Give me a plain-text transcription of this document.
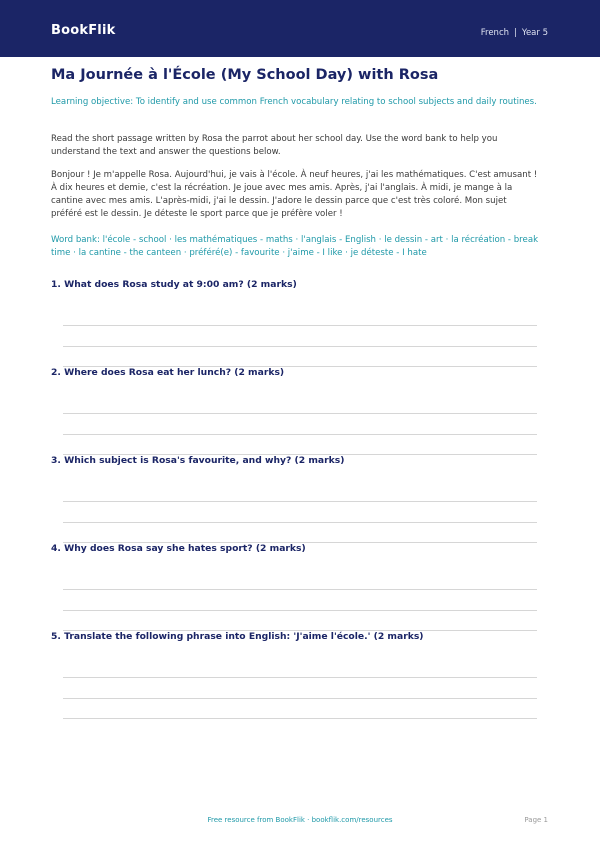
BookFlik	French | Year 5
Ma Journée à l'École (My School Day) with Rosa

Learning objective: To identify and use common French vocabulary relating to school subjects and daily routines.

Read the short passage written by Rosa the parrot about her school day. Use the word bank to help you understand the text and answer the questions below.

Bonjour ! Je m'appelle Rosa. Aujourd'hui, je vais à l'école. À neuf heures, j'ai les mathématiques. C'est amusant ! À dix heures et demie, c'est la récréation. Je joue avec mes amis. Après, j'ai l'anglais. À midi, je mange à la cantine avec mes amis. L'après-midi, j'ai le dessin. J'adore le dessin parce que c'est très coloré. Mon sujet préféré est le dessin. Je déteste le sport parce que je préfère voler !

Word bank: l'école - school · les mathématiques - maths · l'anglais - English · le dessin - art · la récréation - break time · la cantine - the canteen · préféré(e) - favourite · j'aime - I like · je déteste - I hate

1. What does Rosa study at 9:00 am? (2 marks)

2. Where does Rosa eat her lunch? (2 marks)

3. Which subject is Rosa's favourite, and why? (2 marks)

4. Why does Rosa say she hates sport? (2 marks)

5. Translate the following phrase into English: 'J'aime l'école.' (2 marks)

Free resource from BookFlik · bookflik.com/resources	Page 1
